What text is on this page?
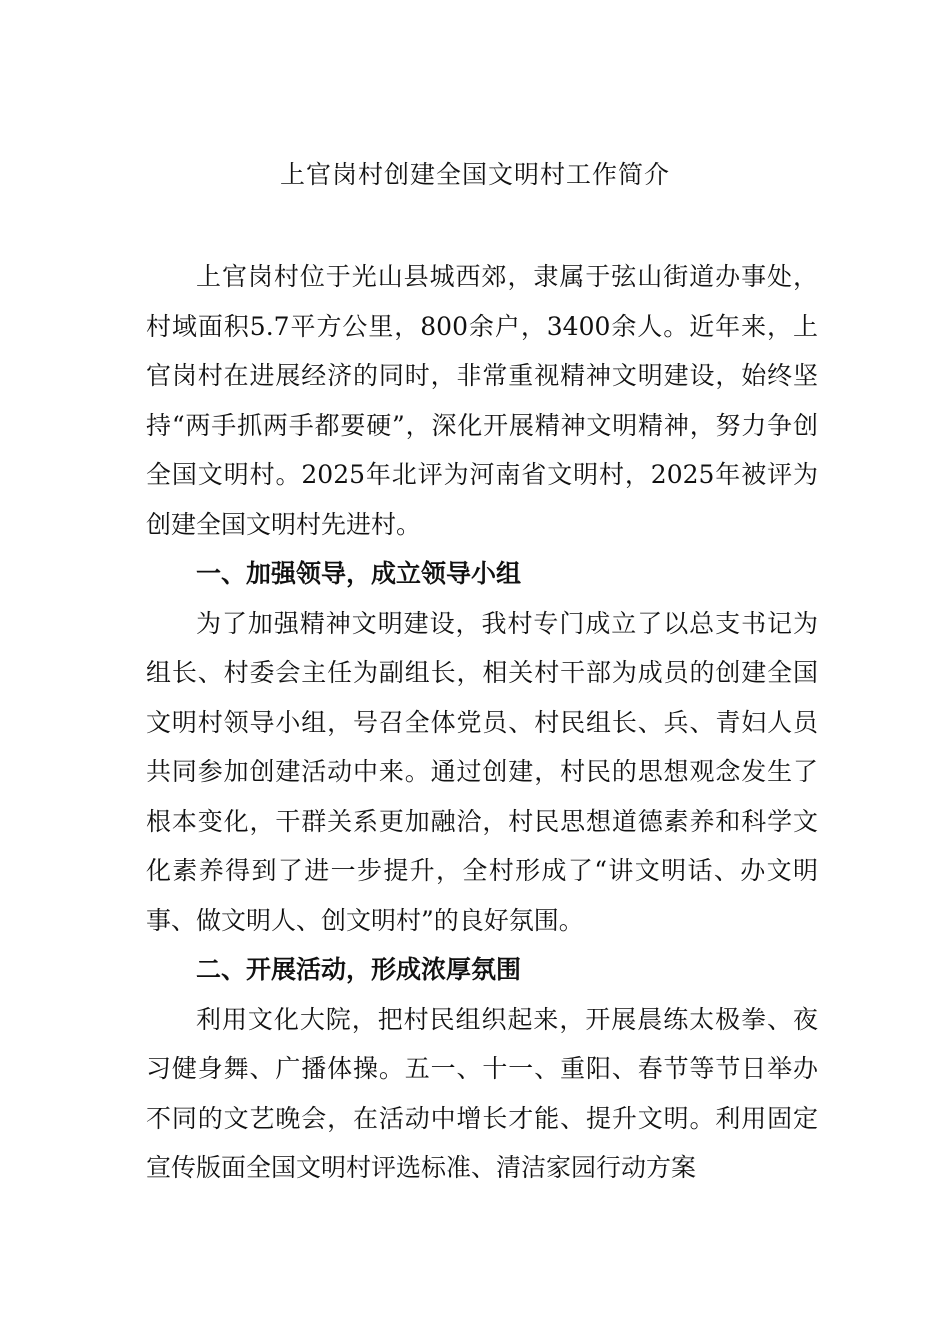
上官岗村创建全国文明村工作简介

上官岗村位于光山县城西郊，隶属于弦山街道办事处，村域面积5.7平方公里，800余户，3400余人。近年来，上官岗村在进展经济的同时，非常重视精神文明建设，始终坚持“两手抓两手都要硬”，深化开展精神文明精神，努力争创全国文明村。2025年北评为河南省文明村，2025年被评为创建全国文明村先进村。

一、加强领导，成立领导小组

为了加强精神文明建设，我村专门成立了以总支书记为组长、村委会主任为副组长，相关村干部为成员的创建全国文明村领导小组，号召全体党员、村民组长、兵、青妇人员共同参加创建活动中来。通过创建，村民的思想观念发生了根本变化，干群关系更加融洽，村民思想道德素养和科学文化素养得到了进一步提升，全村形成了“讲文明话、办文明事、做文明人、创文明村”的良好氛围。

二、开展活动，形成浓厚氛围

利用文化大院，把村民组织起来，开展晨练太极拳、夜习健身舞、广播体操。五一、十一、重阳、春节等节日举办不同的文艺晚会，在活动中增长才能、提升文明。利用固定宣传版面全国文明村评选标准、清洁家园行动方案
